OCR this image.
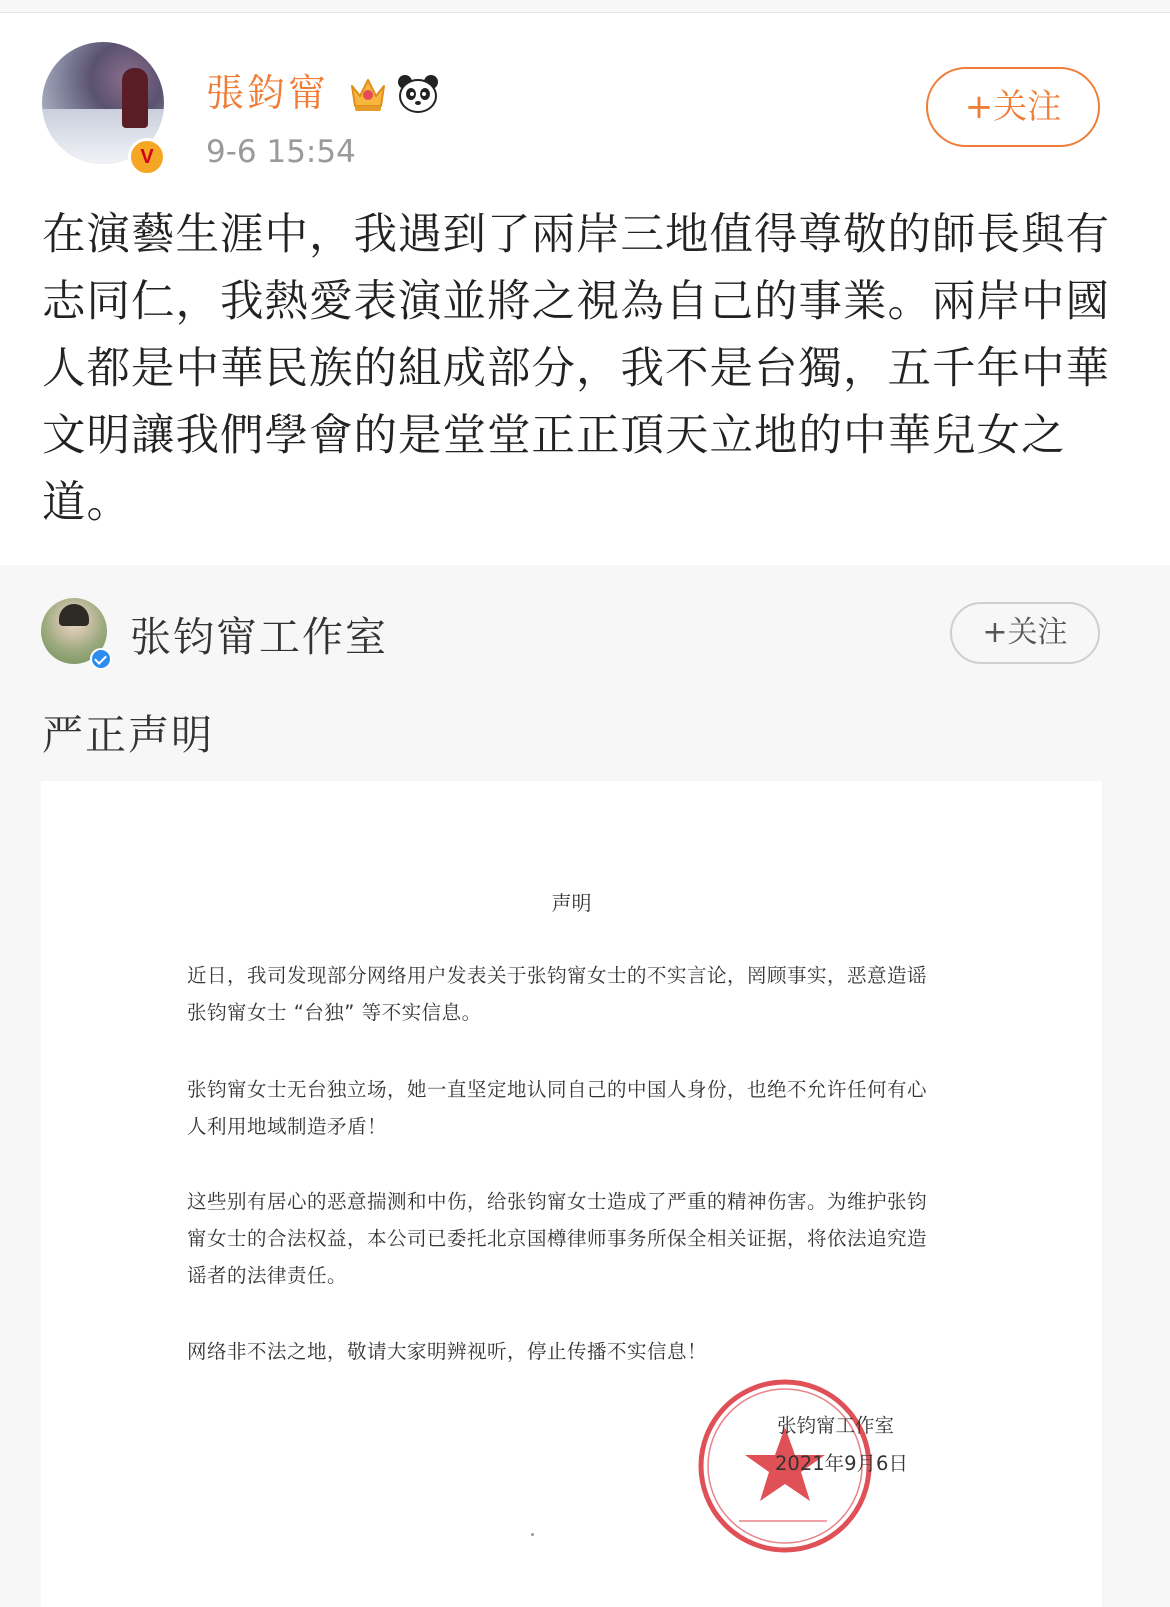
V
張鈞甯
9-6 15:54
+关注

在演藝生涯中，我遇到了兩岸三地值得尊敬的師長與有志同仁，我熱愛表演並將之視為自己的事業。兩岸中國人都是中華民族的組成部分，我不是台獨，五千年中華文明讓我們學會的是堂堂正正頂天立地的中華兒女之道。

张钧甯工作室	+关注
严正声明
声明

近日，我司发现部分网络用户发表关于张钧甯女士的不实言论，罔顾事实，恶意造谣张钧甯女士 “台独” 等不实信息。

张钧甯女士无台独立场，她一直坚定地认同自己的中国人身份，也绝不允许任何有心人利用地域制造矛盾！

这些别有居心的恶意揣测和中伤，给张钧甯女士造成了严重的精神伤害。为维护张钧甯女士的合法权益，本公司已委托北京国樽律师事务所保全相关证据，将依法追究造谣者的法律责任。

网络非不法之地，敬请大家明辨视听，停止传播不实信息！

张钧甯工作室
2021年9月6日
